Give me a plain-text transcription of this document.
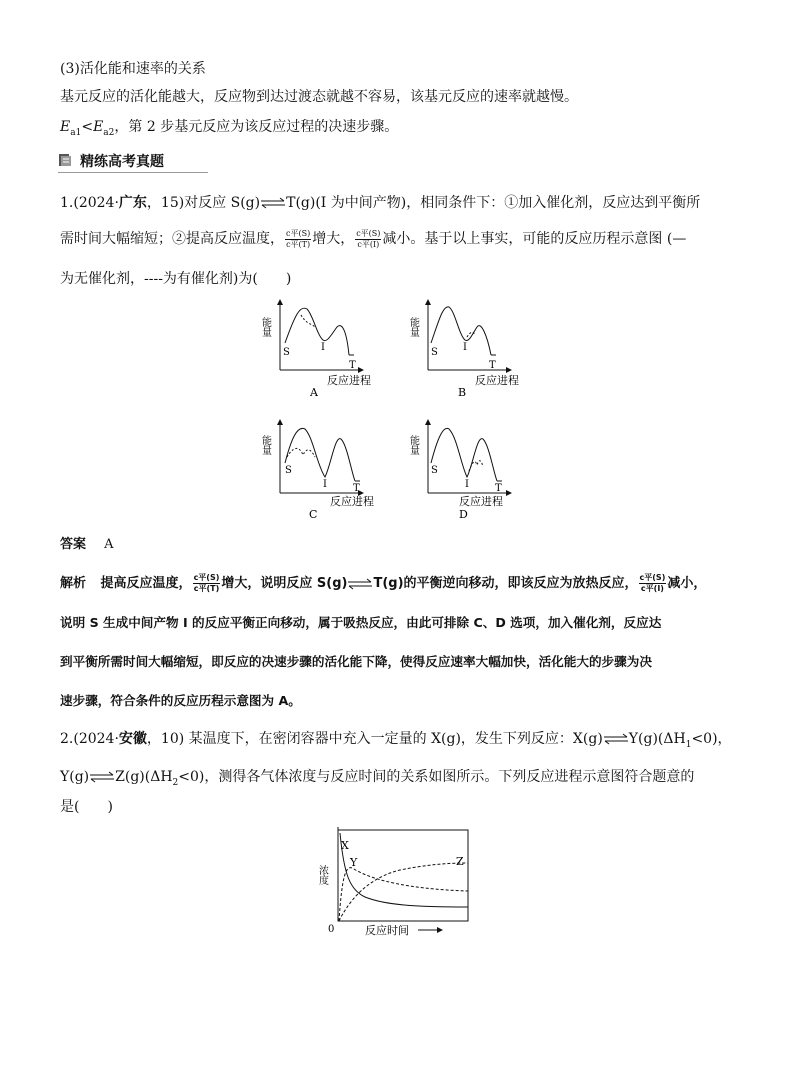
(3)活化能和速率的关系
基元反应的活化能越大，反应物到达过渡态就越不容易，该基元反应的速率就越慢。
$E_{a1}<E_{a2}$，第 2 步基元反应为该反应过程的决速步骤。
精练高考真题
1.(2024·广东，15)对反应 S(g)⇌T(g)(I 为中间产物)，相同条件下：①加入催化剂，反应达到平衡所
需时间大幅缩短；②提高反应温度， $\frac{\text{c平(S)}}{\text{c平(T)}}$ 增大， $\frac{\text{c平(S)}}{\text{c平(I)}}$ 减小。基于以上事实，可能的反应历程示意图 (—
为无催化剂，----为有催化剂)为(　　)
S	I
T
能量
反应进程
A
S	I
T
能量
反应进程
B
S
I	T
能量
反应进程
C
S
I	T
能量
反应进程
D
答案 A
解析 提高反应温度， $\frac{\text{c平(S)}}{\text{c平(T)}}$ 增大，说明反应 S(g)⇌T(g)的平衡逆向移动，即该反应为放热反应， $\frac{\text{c平(S)}}{\text{c平(I)}}$ 减小，
说明 S 生成中间产物 I 的反应平衡正向移动，属于吸热反应，由此可排除 C、D 选项，加入催化剂，反应达
到平衡所需时间大幅缩短，即反应的决速步骤的活化能下降，使得反应速率大幅加快，活化能大的步骤为决
速步骤，符合条件的反应历程示意图为 A。
2.(2024·安徽，10) 某温度下，在密闭容器中充入一定量的 X(g)，发生下列反应：$X(g)\rightleftharpoons Y(g)(\Delta H_1<0)$，
$Y(g)\rightleftharpoons Z(g)(\Delta H_2<0)$，测得各气体浓度与反应时间的关系如图所示。下列反应进程示意图符合题意的
是(　　)
X
Y	Z
浓度
0	反应时间
